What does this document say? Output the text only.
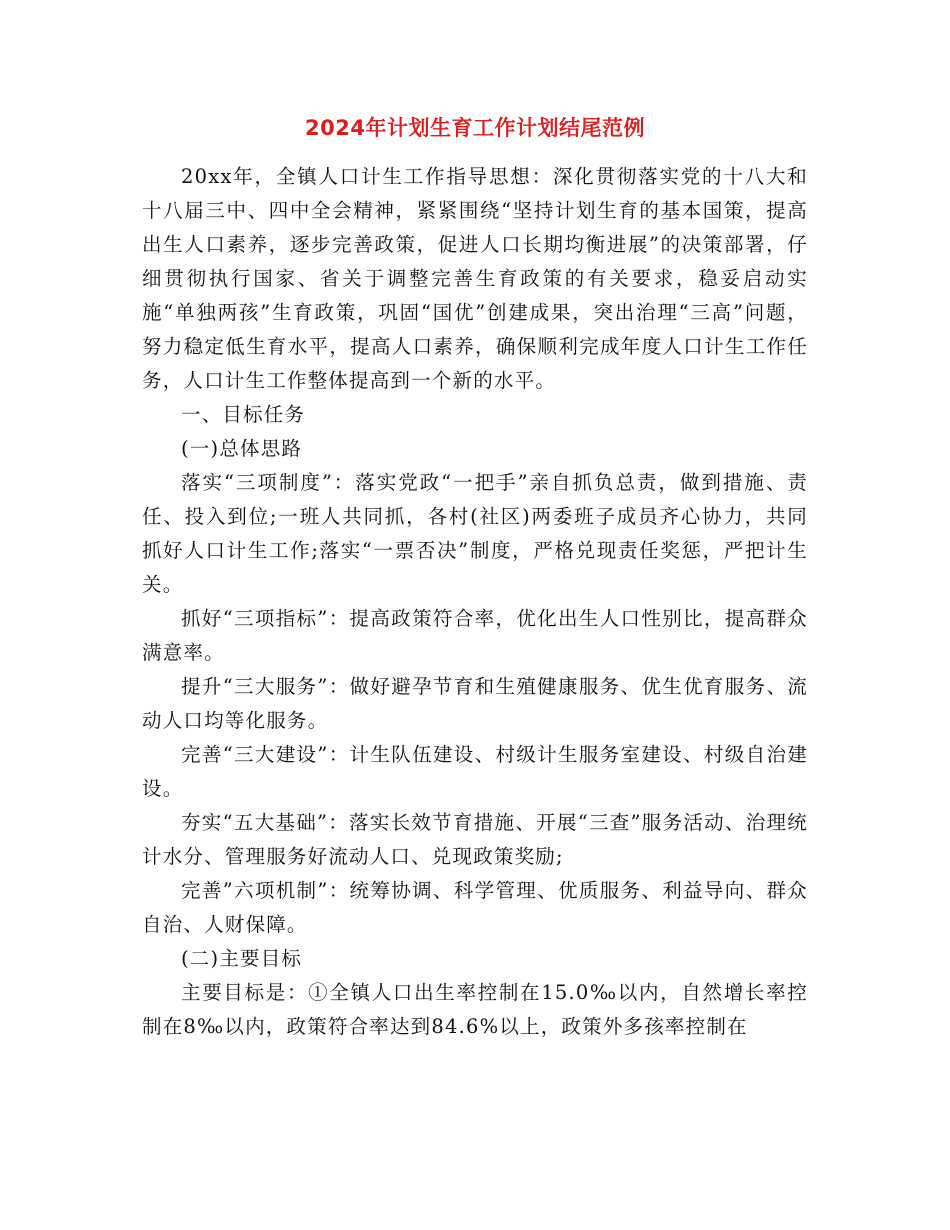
2024年计划生育工作计划结尾范例

20xx年，全镇人口计生工作指导思想：深化贯彻落实党的十八大和十八届三中、四中全会精神，紧紧围绕“坚持计划生育的基本国策，提高出生人口素养，逐步完善政策，促进人口长期均衡进展”的决策部署，仔细贯彻执行国家、省关于调整完善生育政策的有关要求，稳妥启动实施“单独两孩”生育政策，巩固“国优”创建成果，突出治理“三高”问题，努力稳定低生育水平，提高人口素养，确保顺利完成年度人口计生工作任务，人口计生工作整体提高到一个新的水平。

一、目标任务

(一)总体思路

落实“三项制度”：落实党政“一把手”亲自抓负总责，做到措施、责任、投入到位;一班人共同抓，各村(社区)两委班子成员齐心协力，共同抓好人口计生工作;落实“一票否决”制度，严格兑现责任奖惩，严把计生关。

抓好“三项指标”：提高政策符合率，优化出生人口性别比，提高群众满意率。

提升“三大服务”：做好避孕节育和生殖健康服务、优生优育服务、流动人口均等化服务。

完善“三大建设”：计生队伍建设、村级计生服务室建设、村级自治建设。

夯实“五大基础”：落实长效节育措施、开展“三查”服务活动、治理统计水分、管理服务好流动人口、兑现政策奖励;

完善”六项机制”：统筹协调、科学管理、优质服务、利益导向、群众自治、人财保障。

(二)主要目标

主要目标是：①全镇人口出生率控制在15.0‰以内，自然增长率控制在8‰以内，政策符合率达到84.6%以上，政策外多孩率控制在
